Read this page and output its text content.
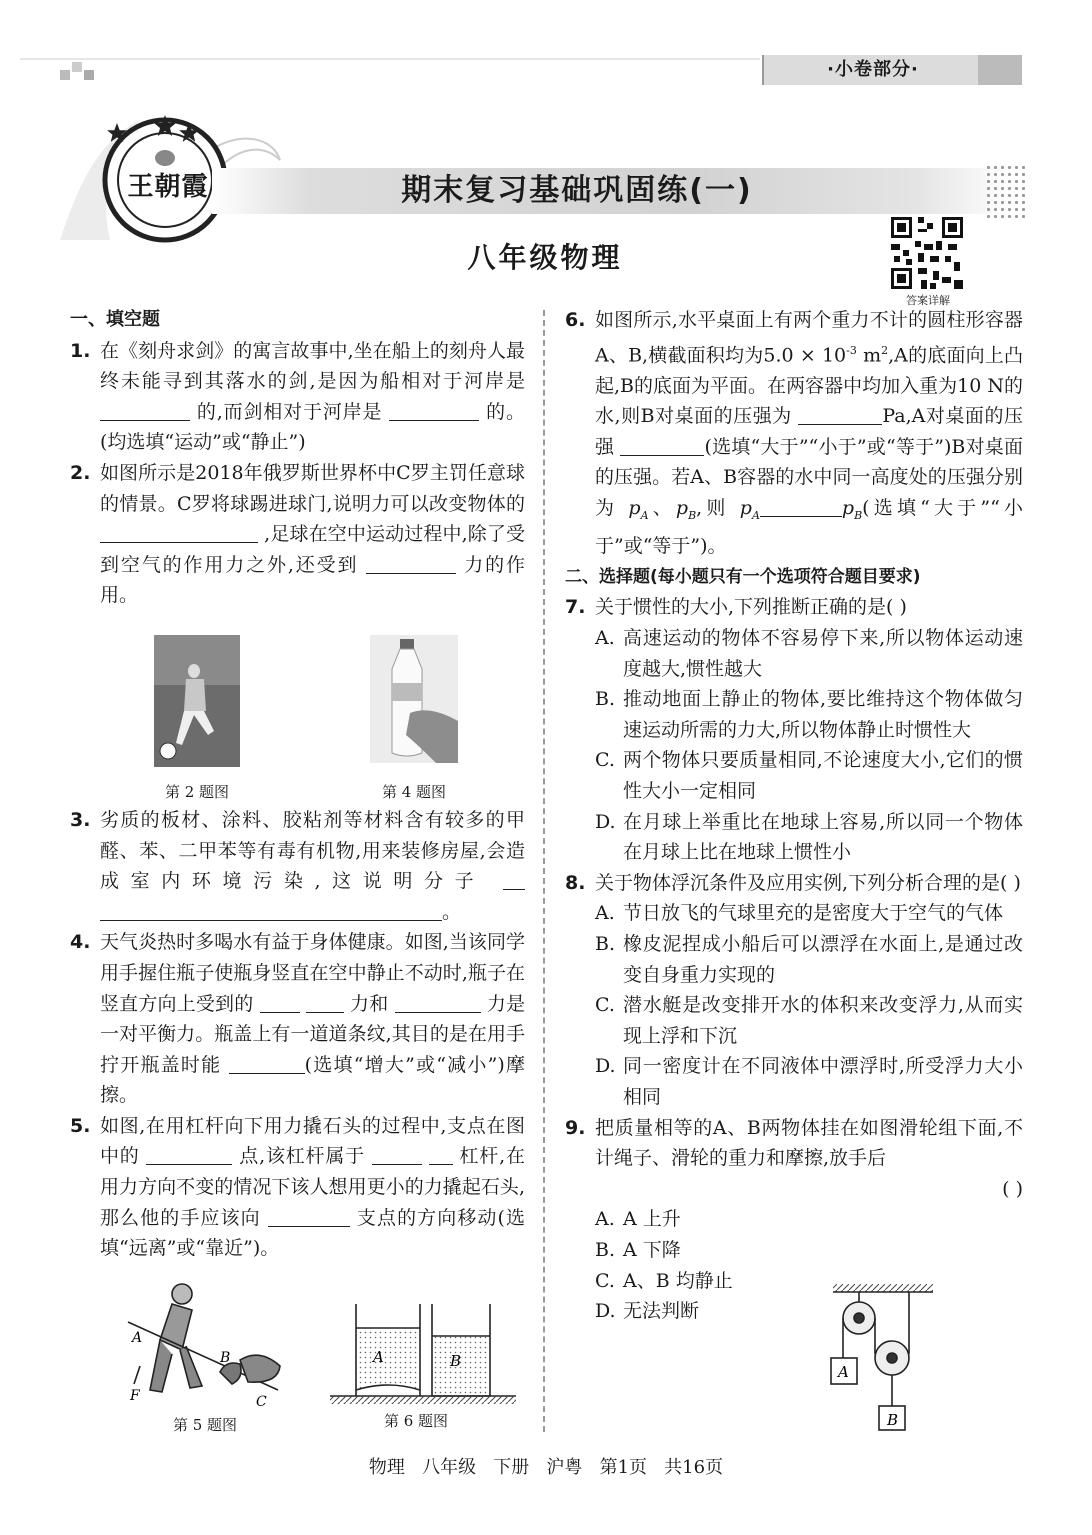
·小卷部分·
王朝霞	期末复习基础巩固练(一)
八年级物理
答案详解
一、填空题
1. 在《刻舟求剑》的寓言故事中,坐在船上的刻舟人最终未能寻到其落水的剑,是因为船相对于河岸是  的,而剑相对于河岸是	的。(均选填“运动”或“静止”)
2. 如图所示是2018年俄罗斯世界杯中C罗主罚任意球的情景。C罗将球踢进球门,说明力可以改变物体的  ,足球在空中运动过程中,除了受到空气的作用力之外,还受到	力的作用。
第 2 题图	第 4 题图
3. 劣质的板材、涂料、胶粘剂等材料含有较多的甲醛、苯、二甲苯等有毒有机物,用来装修房屋,会造成室内环境污染,这说明分子  。
4. 天气炎热时多喝水有益于身体健康。如图,当该同学用手握住瓶子使瓶身竖直在空中静止不动时,瓶子在竖直方向上受到的	力和	力是一对平衡力。瓶盖上有一道道条纹,其目的是在用手拧开瓶盖时能	(选填“增大”或“减小”)摩擦。
5. 如图,在用杠杆向下用力撬石头的过程中,支点在图中的	点,该杠杆属于	杠杆,在用力方向不变的情况下该人想用更小的力撬起石头,那么他的手应该向	支点的方向移动(选填“远离”或“靠近”)。
A
B
C
F
第 5 题图
A	B
第 6 题图
6. 如图所示,水平桌面上有两个重力不计的圆柱形容器A、B,横截面积均为$5.0 \times 10^{-3}$ $m^2,A$的底面向上凸起,B的底面为平面。在两容器中均加入重为10 N的水,则B对桌面的压强为	Pa,A对桌面的压强	(选填“大于”“小于”或“等于”)B对桌面的压强。若A、B容器的水中同一高度处的压强分别为 $p_A$、$p_B$,则 $p_A$	$p_B$(选填“大于”“小于”或“等于”)。
二、选择题(每小题只有一个选项符合题目要求)
7. 关于惯性的大小,下列推断正确的是( )
A. 高速运动的物体不容易停下来,所以物体运动速度越大,惯性越大
B. 推动地面上静止的物体,要比维持这个物体做匀速运动所需的力大,所以物体静止时惯性大
C. 两个物体只要质量相同,不论速度大小,它们的惯性大小一定相同
D. 在月球上举重比在地球上容易,所以同一个物体在月球上比在地球上惯性小
8. 关于物体浮沉条件及应用实例,下列分析合理的是( )
A. 节日放飞的气球里充的是密度大于空气的气体
B. 橡皮泥捏成小船后可以漂浮在水面上,是通过改变自身重力实现的
C. 潜水艇是改变排开水的体积来改变浮力,从而实现上浮和下沉
D. 同一密度计在不同液体中漂浮时,所受浮力大小相同
9. 把质量相等的A、B两物体挂在如图滑轮组下面,不计绳子、滑轮的重力和摩擦,放手后
( )
A. A 上升
B. A 下降
C. A、B 均静止
D. 无法判断
A
B
物理   八年级   下册   沪粤   第1页   共16页
